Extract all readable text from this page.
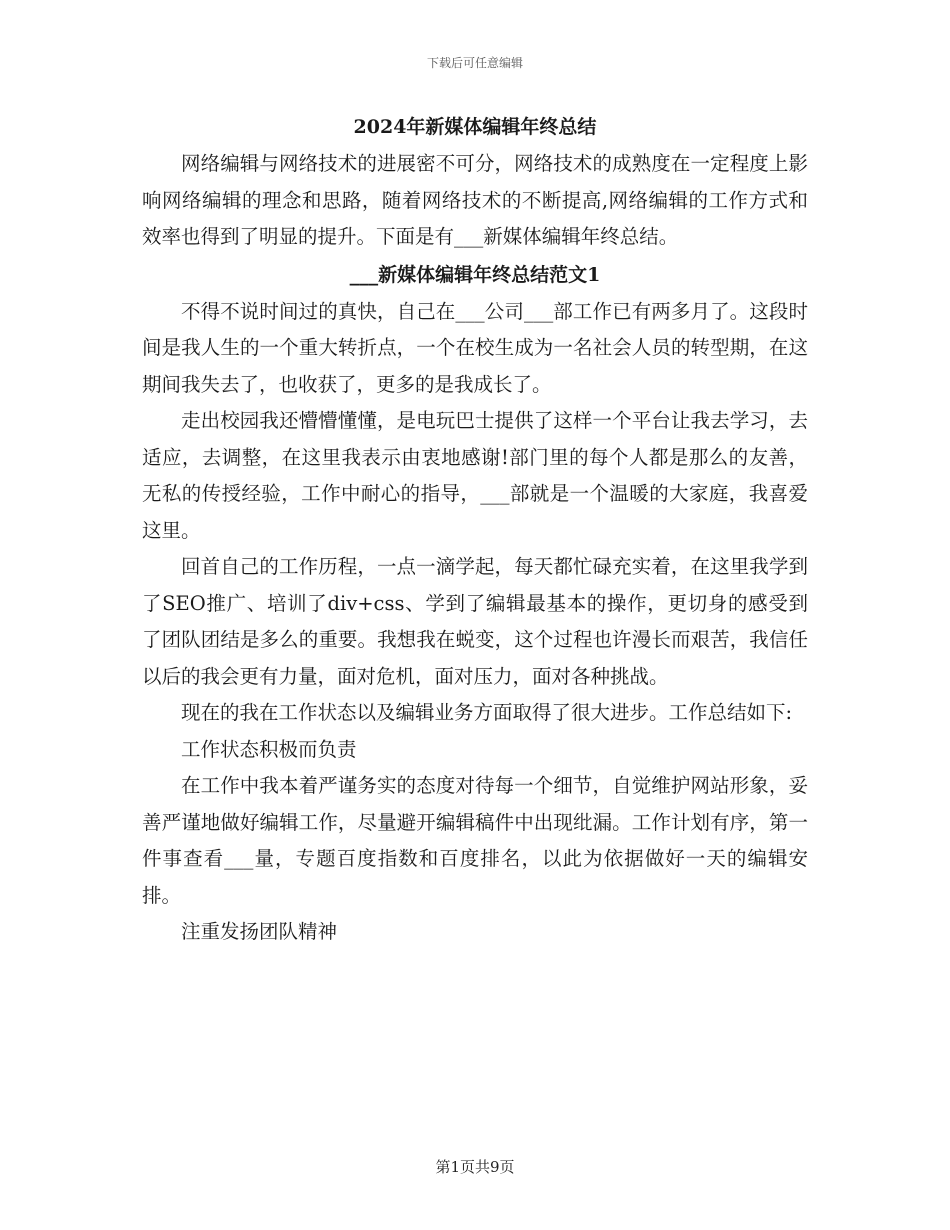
下载后可任意编辑
2024年新媒体编辑年终总结

网络编辑与网络技术的进展密不可分，网络技术的成熟度在一定程度上影响网络编辑的理念和思路，随着网络技术的不断提高,网络编辑的工作方式和效率也得到了明显的提升。下面是有___新媒体编辑年终总结。

___新媒体编辑年终总结范文1

不得不说时间过的真快，自己在___公司___部工作已有两多月了。这段时间是我人生的一个重大转折点，一个在校生成为一名社会人员的转型期，在这期间我失去了，也收获了，更多的是我成长了。

走出校园我还懵懵懂懂，是电玩巴士提供了这样一个平台让我去学习，去适应，去调整，在这里我表示由衷地感谢!部门里的每个人都是那么的友善，无私的传授经验，工作中耐心的指导，___部就是一个温暖的大家庭，我喜爱这里。

回首自己的工作历程，一点一滴学起，每天都忙碌充实着，在这里我学到了SEO推广、培训了div+css、学到了编辑最基本的操作，更切身的感受到了团队团结是多么的重要。我想我在蜕变，这个过程也许漫长而艰苦，我信任以后的我会更有力量，面对危机，面对压力，面对各种挑战。

现在的我在工作状态以及编辑业务方面取得了很大进步。工作总结如下:

工作状态积极而负责

在工作中我本着严谨务实的态度对待每一个细节，自觉维护网站形象，妥善严谨地做好编辑工作，尽量避开编辑稿件中出现纰漏。工作计划有序，第一件事查看___量，专题百度指数和百度排名，以此为依据做好一天的编辑安排。

注重发扬团队精神

第1页共9页
